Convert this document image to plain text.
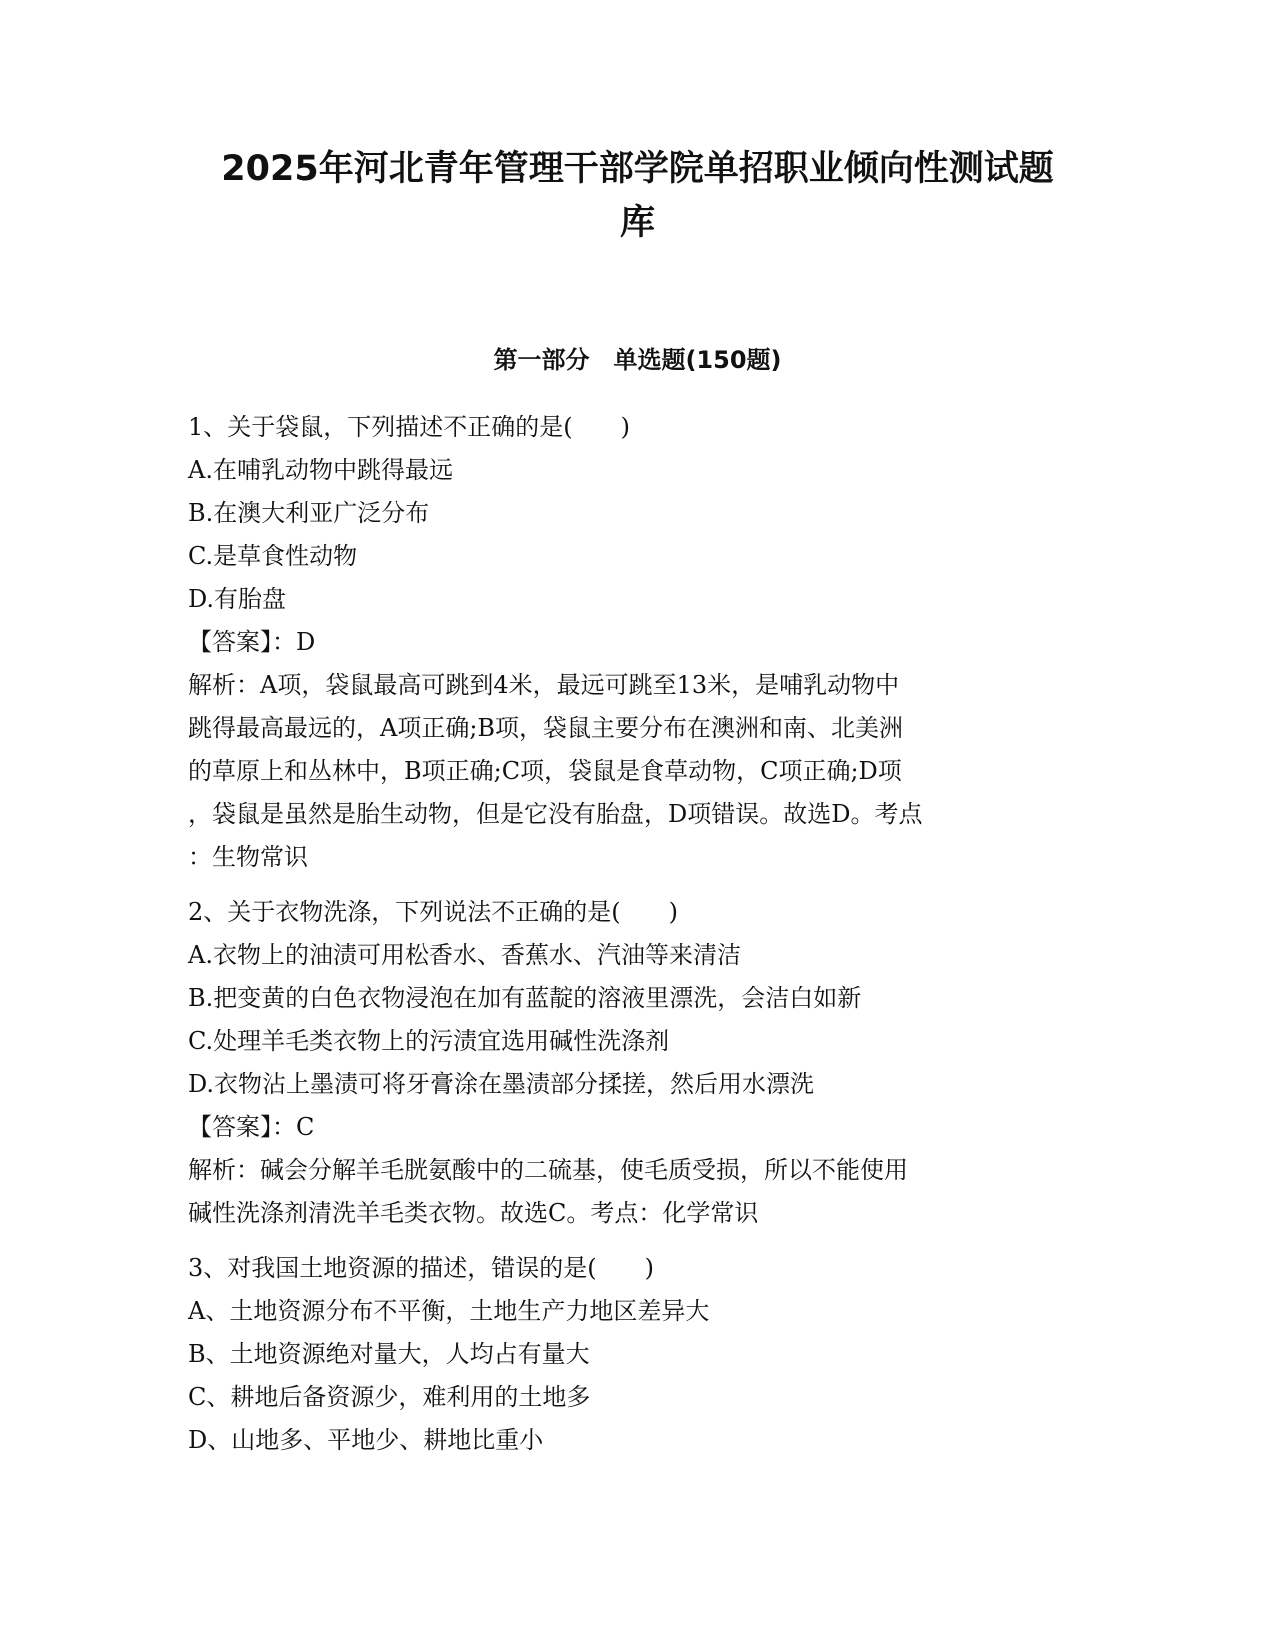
2025年河北青年管理干部学院单招职业倾向性测试题
库
第一部分　单选题(150题)
1、关于袋鼠，下列描述不正确的是(　　)
A.在哺乳动物中跳得最远
B.在澳大利亚广泛分布
C.是草食性动物
D.有胎盘
【答案】：D
解析：A项，袋鼠最高可跳到4米，最远可跳至13米，是哺乳动物中
跳得最高最远的，A项正确;B项，袋鼠主要分布在澳洲和南、北美洲
的草原上和丛林中，B项正确;C项，袋鼠是食草动物，C项正确;D项
，袋鼠是虽然是胎生动物，但是它没有胎盘，D项错误。故选D。考点
：生物常识
2、关于衣物洗涤，下列说法不正确的是(　　)
A.衣物上的油渍可用松香水、香蕉水、汽油等来清洁
B.把变黄的白色衣物浸泡在加有蓝靛的溶液里漂洗，会洁白如新
C.处理羊毛类衣物上的污渍宜选用碱性洗涤剂
D.衣物沾上墨渍可将牙膏涂在墨渍部分揉搓，然后用水漂洗
【答案】：C
解析：碱会分解羊毛胱氨酸中的二硫基，使毛质受损，所以不能使用
碱性洗涤剂清洗羊毛类衣物。故选C。考点：化学常识
3、对我国土地资源的描述，错误的是(　　)
A、土地资源分布不平衡，土地生产力地区差异大
B、土地资源绝对量大，人均占有量大
C、耕地后备资源少，难利用的土地多
D、山地多、平地少、耕地比重小
